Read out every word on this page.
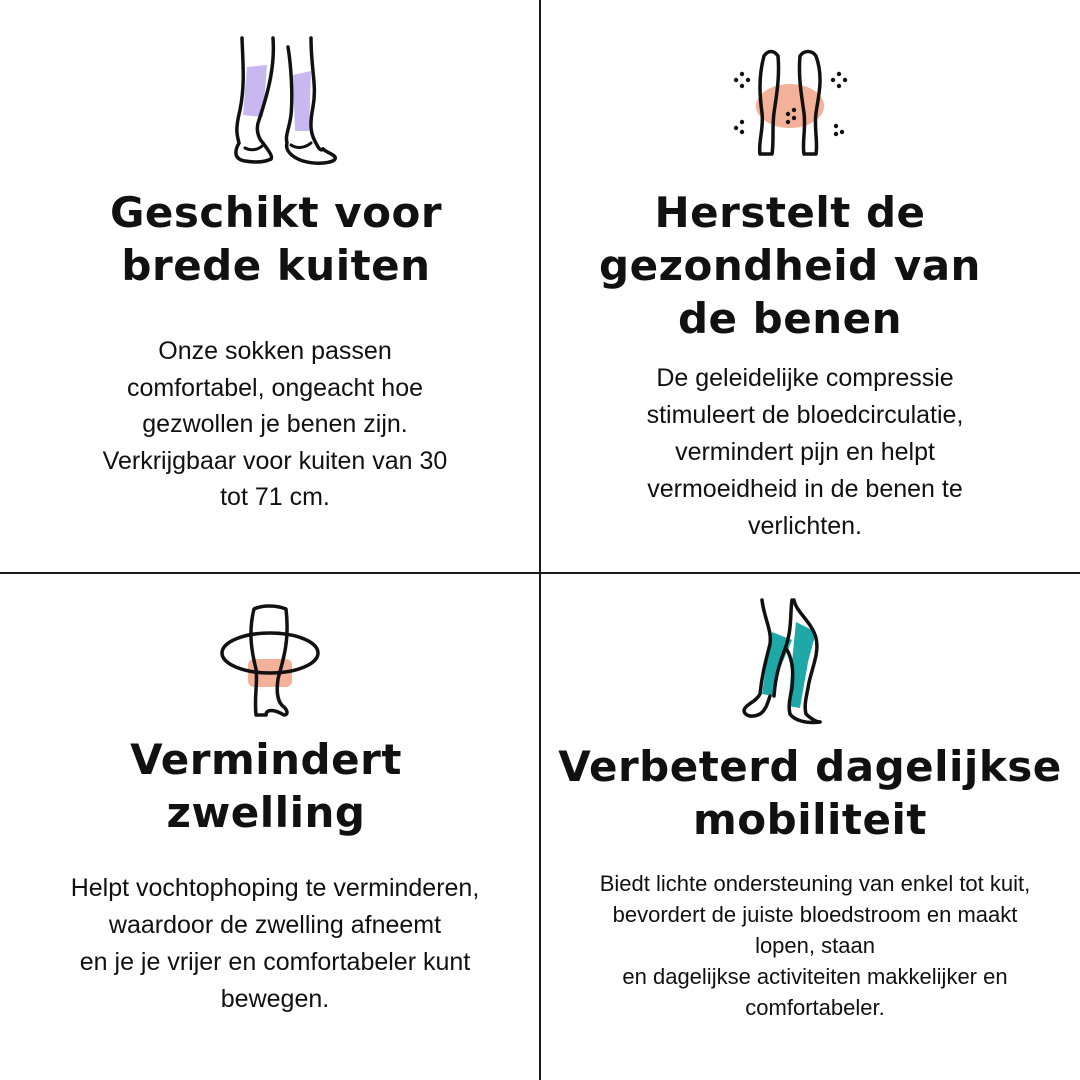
Geschikt voor
brede kuiten

Onze sokken passen
comfortabel, ongeacht hoe
gezwollen je benen zijn.
Verkrijgbaar voor kuiten van 30
tot 71 cm.

Herstelt de
gezondheid van
de benen

De geleidelijke compressie
stimuleert de bloedcirculatie,
vermindert pijn en helpt
vermoeidheid in de benen te
verlichten.

Vermindert
zwelling

Helpt vochtophoping te verminderen,
waardoor de zwelling afneemt
en je je vrijer en comfortabeler kunt
bewegen.

Verbeterd dagelijkse
mobiliteit

Biedt lichte ondersteuning van enkel tot kuit,
bevordert de juiste bloedstroom en maakt
lopen, staan
en dagelijkse activiteiten makkelijker en
comfortabeler.
